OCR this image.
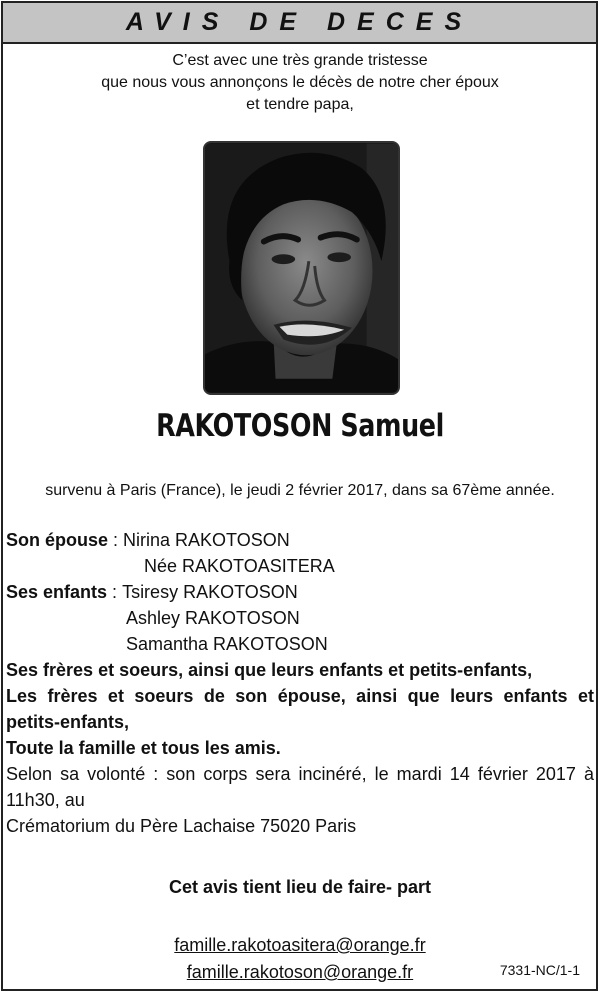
AVIS DE DECES
C’est avec une très grande tristesse
que nous vous annonçons le décès de notre cher époux
et tendre papa,
RAKOTOSON Samuel
survenu à Paris (France), le jeudi 2 février 2017, dans sa 67ème année.
Son épouse : Nirina RAKOTOSON
Née RAKOTOASITERA
Ses enfants : Tsiresy RAKOTOSON
Ashley RAKOTOSON
Samantha RAKOTOSON
Ses frères et soeurs, ainsi que leurs enfants et petits-enfants,
Les frères et soeurs de son épouse, ainsi que leurs enfants et
petits-enfants,
Toute la famille et tous les amis.
Selon sa volonté : son corps sera incinéré, le mardi 14 février 2017 à
11h30, au
Crématorium du Père Lachaise 75020 Paris
Cet avis tient lieu de faire- part
famille.rakotoasitera@orange.fr
famille.rakotoson@orange.fr	7331-NC/1-1
